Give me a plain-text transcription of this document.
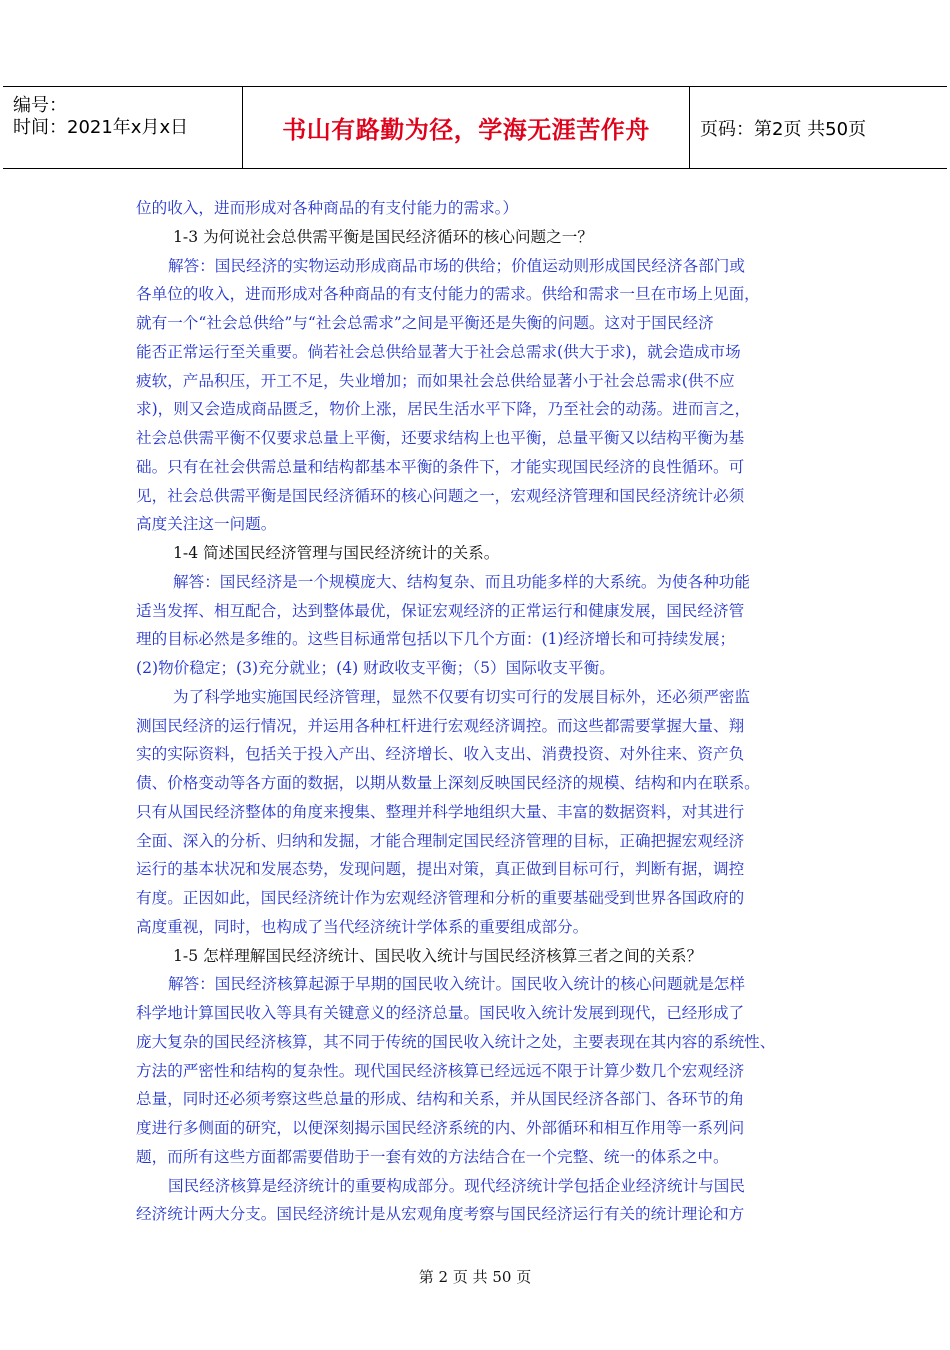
编号：
时间：2021年x月x日	书山有路勤为径，学海无涯苦作舟	页码：第2页 共50页
位的收入，进而形成对各种商品的有支付能力的需求。）
1-3 为何说社会总供需平衡是国民经济循环的核心问题之一？
解答：国民经济的实物运动形成商品市场的供给；价值运动则形成国民经济各部门或
各单位的收入，进而形成对各种商品的有支付能力的需求。供给和需求一旦在市场上见面，
就有一个“社会总供给”与“社会总需求”之间是平衡还是失衡的问题。这对于国民经济
能否正常运行至关重要。倘若社会总供给显著大于社会总需求(供大于求)，就会造成市场
疲软，产品积压，开工不足，失业增加；而如果社会总供给显著小于社会总需求(供不应
求)，则又会造成商品匮乏，物价上涨，居民生活水平下降，乃至社会的动荡。进而言之，
社会总供需平衡不仅要求总量上平衡，还要求结构上也平衡，总量平衡又以结构平衡为基
础。只有在社会供需总量和结构都基本平衡的条件下，才能实现国民经济的良性循环。可
见，社会总供需平衡是国民经济循环的核心问题之一，宏观经济管理和国民经济统计必须
高度关注这一问题。
1-4 简述国民经济管理与国民经济统计的关系。
解答：国民经济是一个规模庞大、结构复杂、而且功能多样的大系统。为使各种功能
适当发挥、相互配合，达到整体最优，保证宏观经济的正常运行和健康发展，国民经济管
理的目标必然是多维的。这些目标通常包括以下几个方面：(1)经济增长和可持续发展；
(2)物价稳定；(3)充分就业；(4) 财政收支平衡；（5）国际收支平衡。
为了科学地实施国民经济管理，显然不仅要有切实可行的发展目标外，还必须严密监
测国民经济的运行情况，并运用各种杠杆进行宏观经济调控。而这些都需要掌握大量、翔
实的实际资料，包括关于投入产出、经济增长、收入支出、消费投资、对外往来、资产负
债、价格变动等各方面的数据，以期从数量上深刻反映国民经济的规模、结构和内在联系。
只有从国民经济整体的角度来搜集、整理并科学地组织大量、丰富的数据资料，对其进行
全面、深入的分析、归纳和发掘，才能合理制定国民经济管理的目标，正确把握宏观经济
运行的基本状况和发展态势，发现问题，提出对策，真正做到目标可行，判断有据，调控
有度。正因如此，国民经济统计作为宏观经济管理和分析的重要基础受到世界各国政府的
高度重视，同时，也构成了当代经济统计学体系的重要组成部分。
1-5 怎样理解国民经济统计、国民收入统计与国民经济核算三者之间的关系？
解答：国民经济核算起源于早期的国民收入统计。国民收入统计的核心问题就是怎样
科学地计算国民收入等具有关键意义的经济总量。国民收入统计发展到现代，已经形成了
庞大复杂的国民经济核算，其不同于传统的国民收入统计之处，主要表现在其内容的系统性、
方法的严密性和结构的复杂性。现代国民经济核算已经远远不限于计算少数几个宏观经济
总量，同时还必须考察这些总量的形成、结构和关系，并从国民经济各部门、各环节的角
度进行多侧面的研究，以便深刻揭示国民经济系统的内、外部循环和相互作用等一系列问
题，而所有这些方面都需要借助于一套有效的方法结合在一个完整、统一的体系之中。
国民经济核算是经济统计的重要构成部分。现代经济统计学包括企业经济统计与国民
经济统计两大分支。国民经济统计是从宏观角度考察与国民经济运行有关的统计理论和方
第 2 页 共 50 页
